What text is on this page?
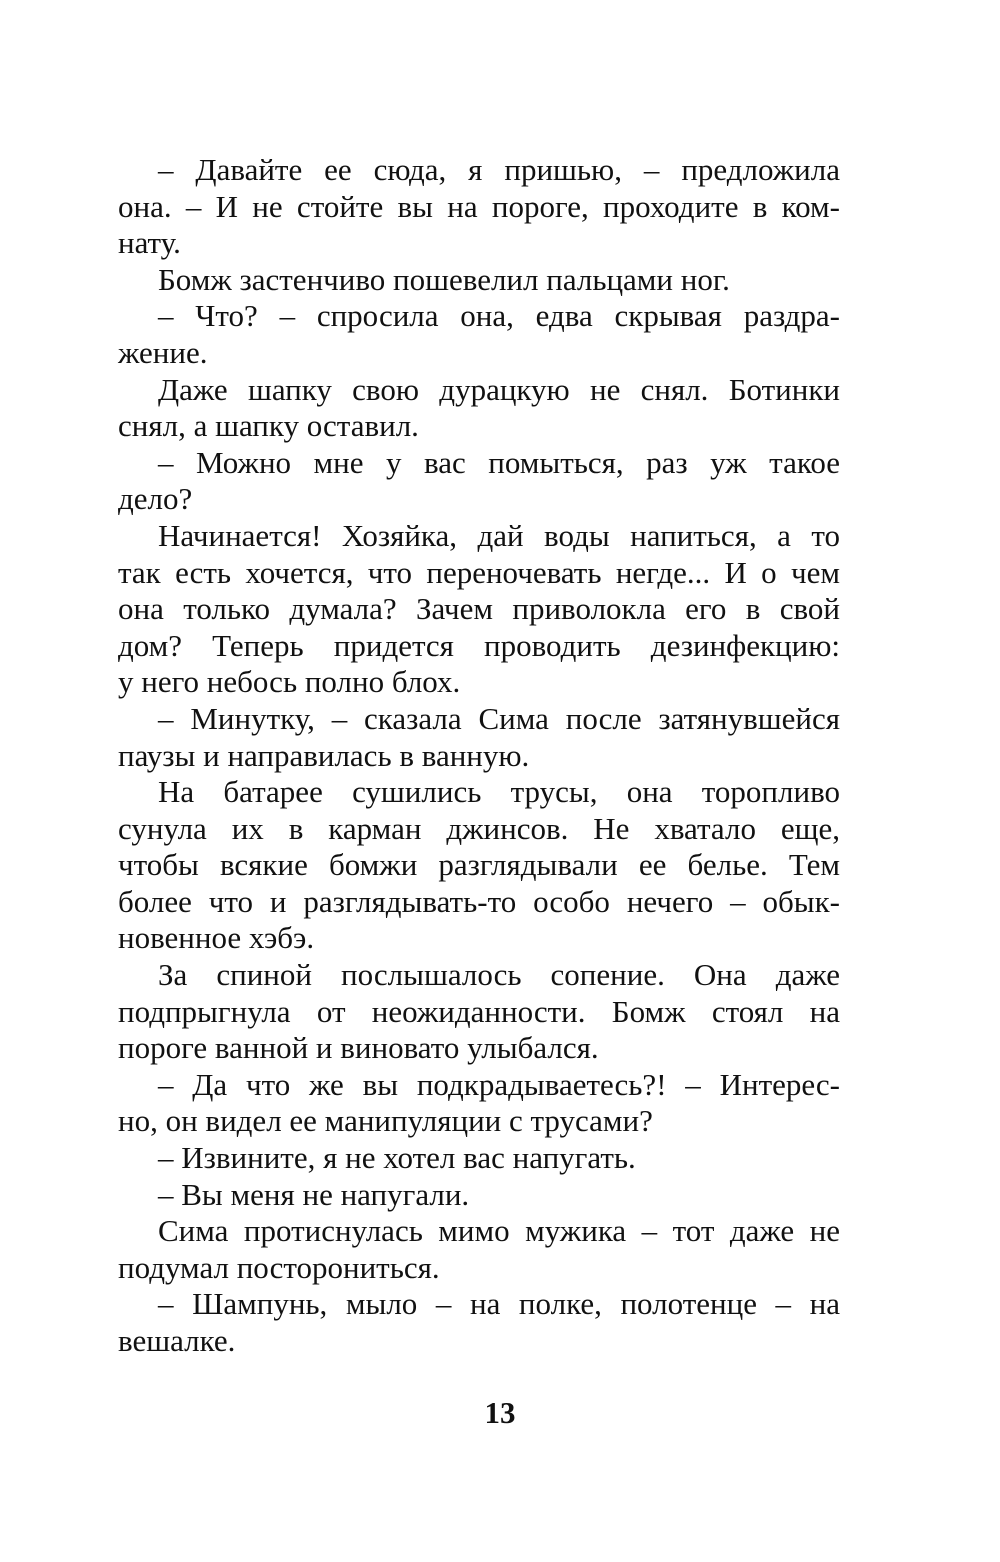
– Давайте ее сюда, я пришью, – предложила
она. – И не стойте вы на пороге, проходите в ком-
нату.
Бомж застенчиво пошевелил пальцами ног.
– Что? – спросила она, едва скрывая раздра-
жение.
Даже шапку свою дурацкую не снял. Ботинки
снял, а шапку оставил.
– Можно мне у вас помыться, раз уж такое
дело?
Начинается! Хозяйка, дай воды напиться, а то
так есть хочется, что переночевать негде... И о чем
она только думала? Зачем приволокла его в свой
дом? Теперь придется проводить дезинфекцию:
у него небось полно блох.
– Минутку, – сказала Сима после затянувшейся
паузы и направилась в ванную.
На батарее сушились трусы, она торопливо
сунула их в карман джинсов. Не хватало еще,
чтобы всякие бомжи разглядывали ее белье. Тем
более что и разглядывать-то особо нечего – обык-
новенное хэбэ.
За спиной послышалось сопение. Она даже
подпрыгнула от неожиданности. Бомж стоял на
пороге ванной и виновато улыбался.
– Да что же вы подкрадываетесь?! – Интерес-
но, он видел ее манипуляции с трусами?
– Извините, я не хотел вас напугать.
– Вы меня не напугали.
Сима протиснулась мимо мужика – тот даже не
подумал посторониться.
– Шампунь, мыло – на полке, полотенце – на
вешалке.
13
